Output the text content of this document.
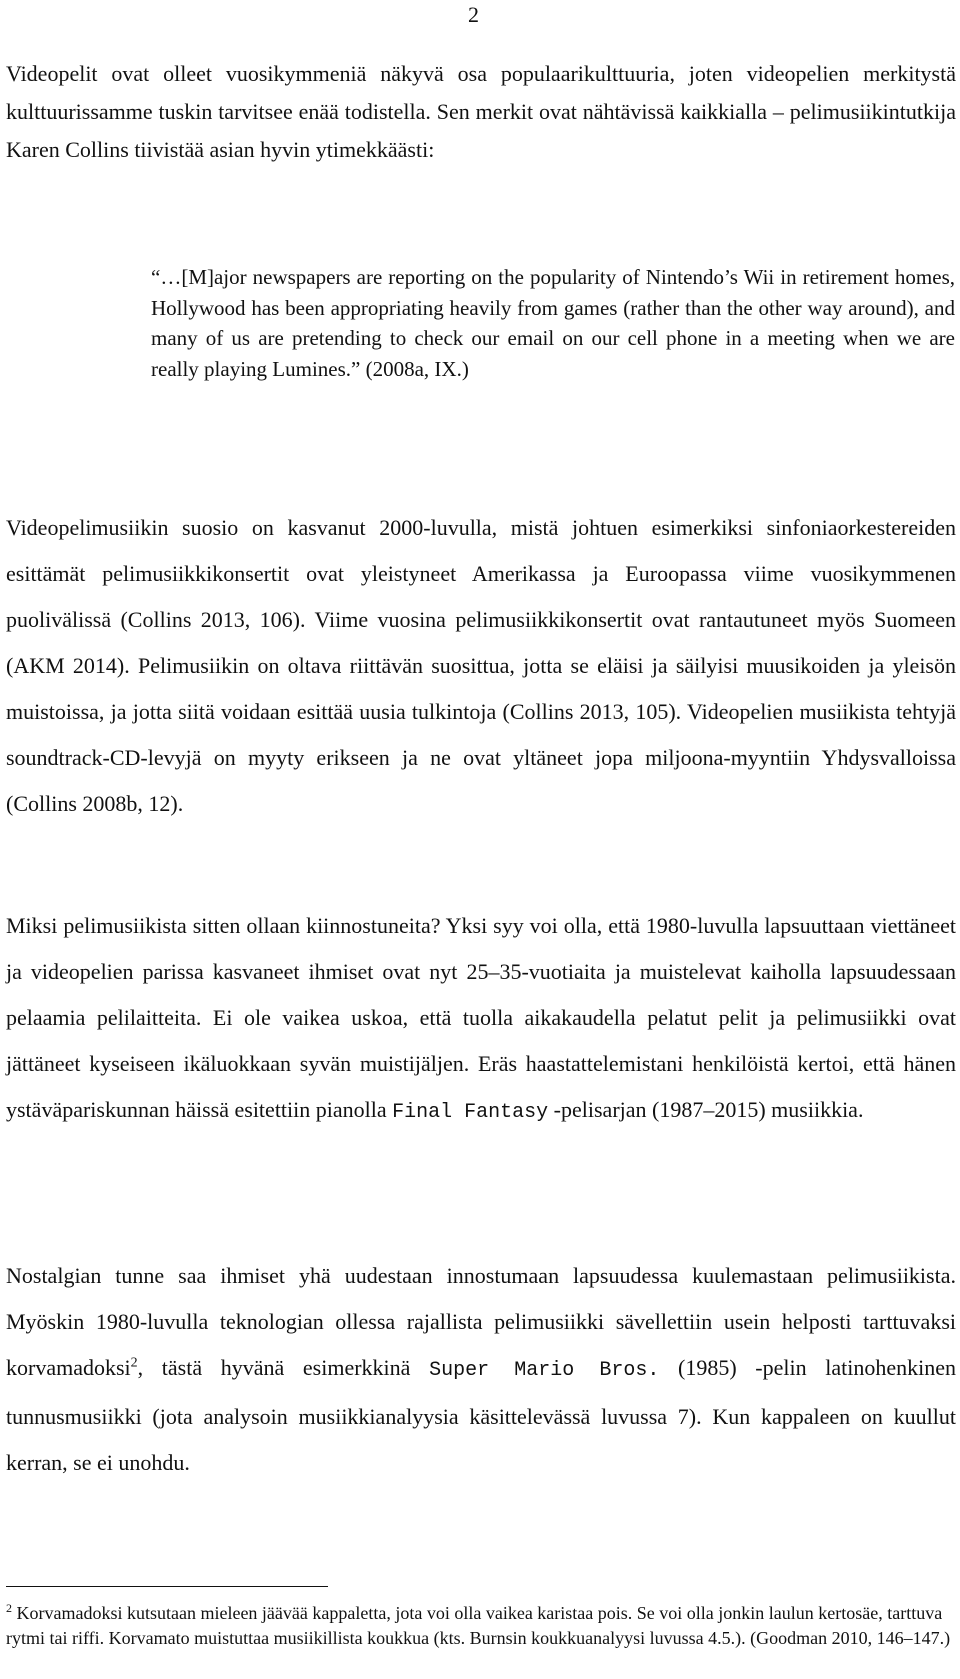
2

Videopelit ovat olleet vuosikymmeniä näkyvä osa populaarikulttuuria, joten videopelien merkitystä kulttuurissamme tuskin tarvitsee enää todistella. Sen merkit ovat nähtävissä kaikkialla – pelimusiikintutkija Karen Collins tiivistää asian hyvin ytimekkäästi:

“…[M]ajor newspapers are reporting on the popularity of Nintendo’s Wii in retirement homes, Hollywood has been appropriating heavily from games (rather than the other way around), and many of us are pretending to check our email on our cell phone in a meeting when we are really playing Lumines.” (2008a, IX.)

Videopelimusiikin suosio on kasvanut 2000-luvulla, mistä johtuen esimerkiksi sinfoniaorkestereiden esittämät pelimusiikkikonsertit ovat yleistyneet Amerikassa ja Euroopassa viime vuosikymmenen puolivälissä (Collins 2013, 106). Viime vuosina pelimusiikkikonsertit ovat rantautuneet myös Suomeen (AKM 2014). Pelimusiikin on oltava riittävän suosittua, jotta se eläisi ja säilyisi muusikoiden ja yleisön muistoissa, ja jotta siitä voidaan esittää uusia tulkintoja (Collins 2013, 105). Videopelien musiikista tehtyjä soundtrack-CD-levyjä on myyty erikseen ja ne ovat yltäneet jopa miljoona-myyntiin Yhdysvalloissa (Collins 2008b, 12).

Miksi pelimusiikista sitten ollaan kiinnostuneita? Yksi syy voi olla, että 1980-luvulla lapsuuttaan viettäneet ja videopelien parissa kasvaneet ihmiset ovat nyt 25–35-vuotiaita ja muistelevat kaiholla lapsuudessaan pelaamia pelilaitteita. Ei ole vaikea uskoa, että tuolla aikakaudella pelatut pelit ja pelimusiikki ovat jättäneet kyseiseen ikäluokkaan syvän muistijäljen. Eräs haastattelemistani henkilöistä kertoi, että hänen ystäväpariskunnan häissä esitettiin pianolla Final Fantasy -pelisarjan (1987–2015) musiikkia.

Nostalgian tunne saa ihmiset yhä uudestaan innostumaan lapsuudessa kuulemastaan pelimusiikista. Myöskin 1980-luvulla teknologian ollessa rajallista pelimusiikki sävellettiin usein helposti tarttuvaksi korvamadoksi$^2$, tästä hyvänä esimerkkinä Super Mario Bros. (1985) -pelin latinohenkinen tunnusmusiikki (jota analysoin musiikkianalyysia käsittelevässä luvussa 7). Kun kappaleen on kuullut kerran, se ei unohdu.

$^2$ Korvamadoksi kutsutaan mieleen jäävää kappaletta, jota voi olla vaikea karistaa pois. Se voi olla jonkin laulun kertosäe, tarttuva rytmi tai riffi. Korvamato muistuttaa musiikillista koukkua (kts. Burnsin koukkuanalyysi luvussa 4.5.). (Goodman 2010, 146–147.)
